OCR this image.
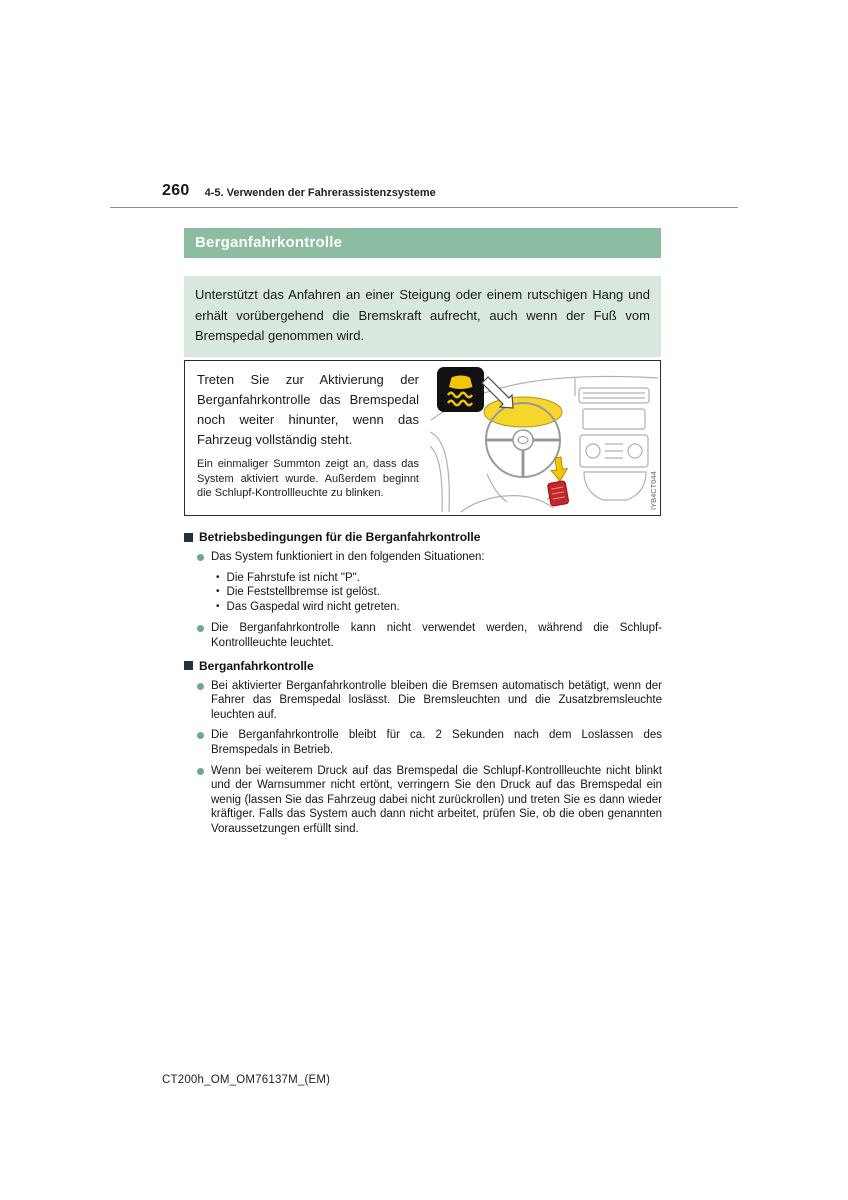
260 4-5. Verwenden der Fahrerassistenzsysteme
Berganfahrkontrolle
Unterstützt das Anfahren an einer Steigung oder einem rutschigen Hang und erhält vorübergehend die Bremskraft aufrecht, auch wenn der Fuß vom Bremspedal genommen wird.
Treten Sie zur Aktivierung der Berganfahrkontrolle das Bremspedal noch weiter hinunter, wenn das Fahrzeug vollständig steht.
Ein einmaliger Summton zeigt an, dass das System aktiviert wurde. Außerdem beginnt die Schlupf-Kontrollleuchte zu blinken.	IYB4CT044
Betriebsbedingungen für die Berganfahrkontrolle
Das System funktioniert in den folgenden Situationen:
• Die Fahrstufe ist nicht "P".
• Die Feststellbremse ist gelöst.
• Das Gaspedal wird nicht getreten.
Die Berganfahrkontrolle kann nicht verwendet werden, während die Schlupf-Kontrollleuchte leuchtet.
Berganfahrkontrolle
Bei aktivierter Berganfahrkontrolle bleiben die Bremsen automatisch betätigt, wenn der Fahrer das Bremspedal loslässt. Die Bremsleuchten und die Zusatzbremsleuchte leuchten auf.
Die Berganfahrkontrolle bleibt für ca. 2 Sekunden nach dem Loslassen des Bremspedals in Betrieb.
Wenn bei weiterem Druck auf das Bremspedal die Schlupf-Kontrollleuchte nicht blinkt und der Warnsummer nicht ertönt, verringern Sie den Druck auf das Bremspedal ein wenig (lassen Sie das Fahrzeug dabei nicht zurückrollen) und treten Sie es dann wieder kräftiger. Falls das System auch dann nicht arbeitet, prüfen Sie, ob die oben genannten Voraussetzungen erfüllt sind.
CT200h_OM_OM76137M_(EM)
